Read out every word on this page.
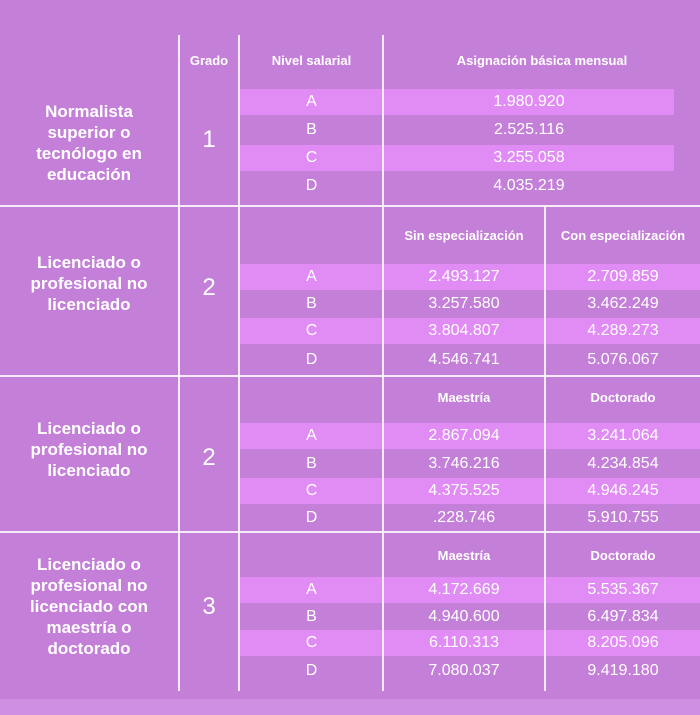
Grado	Nivel salarial	Asignación básica mensual
Normalista superior o tecnólogo en educación
1
A	1.980.920
B	2.525.116
C	3.255.058
D	4.035.219
Sin especialización	Con especialización
Licenciado o profesional no licenciado
2	A	2.493.127	2.709.859
B	3.257.580	3.462.249
C	3.804.807	4.289.273
D	4.546.741	5.076.067
Maestría	Doctorado
Licenciado o profesional no licenciado	2
A	2.867.094	3.241.064
B	3.746.216	4.234.854
C	4.375.525	4.946.245
D	.228.746	5.910.755
Maestría	Doctorado
Licenciado o profesional no licenciado con maestría o doctorado
3
A	4.172.669	5.535.367
B	4.940.600	6.497.834
C	6.110.313	8.205.096
D	7.080.037	9.419.180
